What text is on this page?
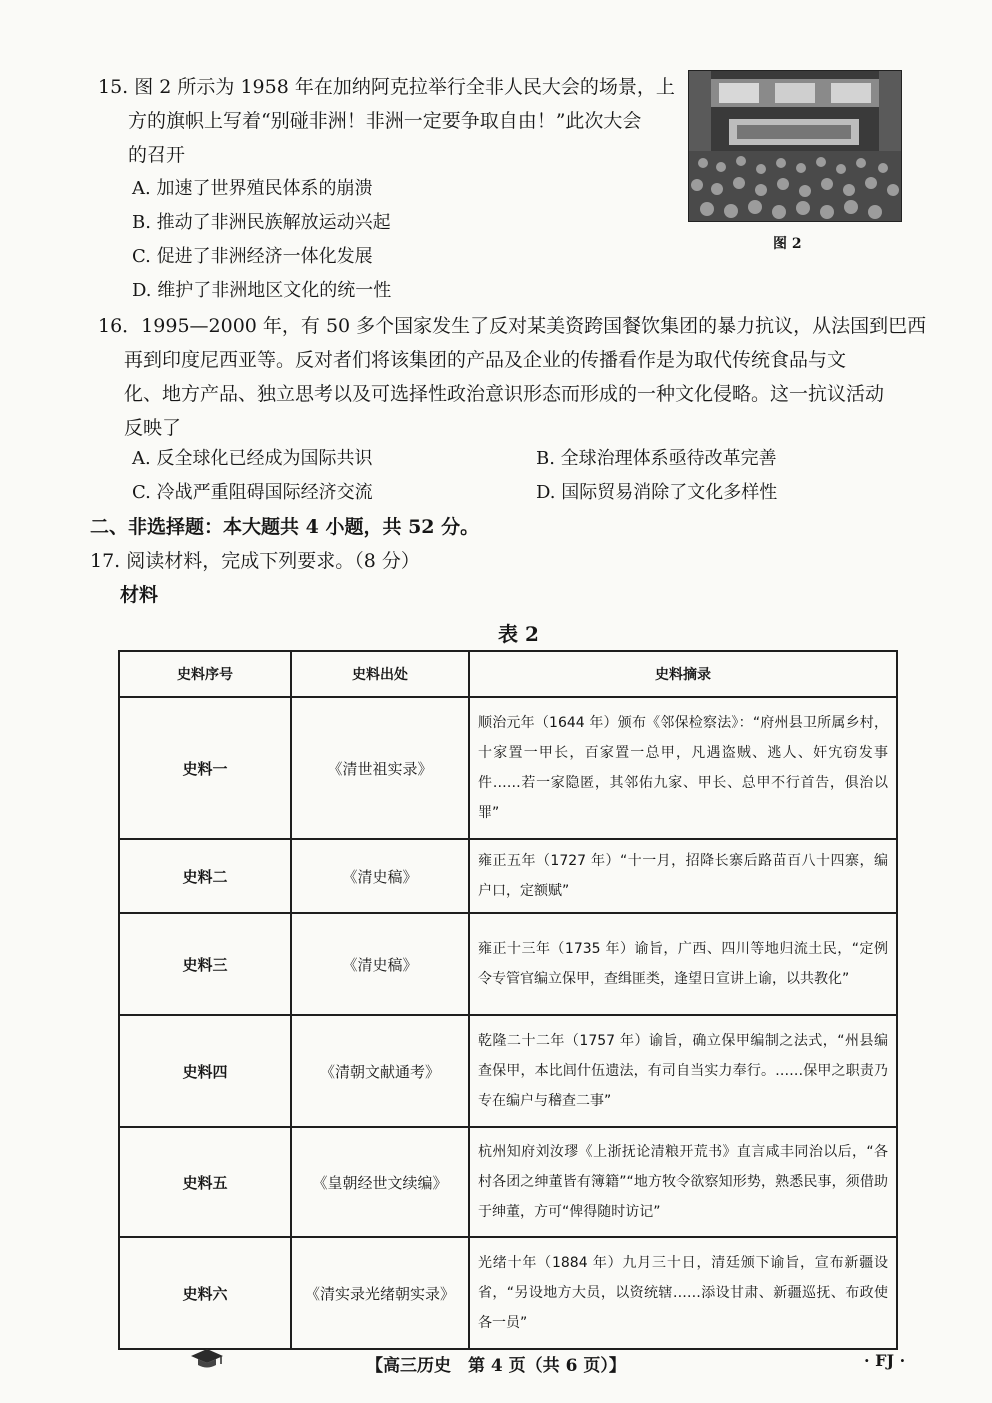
15. 图 2 所示为 1958 年在加纳阿克拉举行全非人民大会的场景，上
方的旗帜上写着“别碰非洲！非洲一定要争取自由！”此次大会
的召开
A. 加速了世界殖民体系的崩溃
B. 推动了非洲民族解放运动兴起
C. 促进了非洲经济一体化发展
D. 维护了非洲地区文化的统一性
图 2
16．1995—2000 年，有 50 多个国家发生了反对某美资跨国餐饮集团的暴力抗议，从法国到巴西
再到印度尼西亚等。反对者们将该集团的产品及企业的传播看作是为取代传统食品与文
化、地方产品、独立思考以及可选择性政治意识形态而形成的一种文化侵略。这一抗议活动
反映了
A. 反全球化已经成为国际共识	B. 全球治理体系亟待改革完善
C. 冷战严重阻碍国际经济交流	D. 国际贸易消除了文化多样性
二、非选择题：本大题共 4 小题，共 52 分。
17. 阅读材料，完成下列要求。（8 分）
材料
表 2
史料序号	史料出处	史料摘录
史料一	《清世祖实录》	顺治元年（1644 年）颁布《邻保检察法》：“府州县卫所属乡村，十家置一甲长，百家置一总甲，凡遇盗贼、逃人、奸宄窃发事件……若一家隐匿，其邻佑九家、甲长、总甲不行首告，俱治以罪”
史料二	《清史稿》	雍正五年（1727 年）“十一月，招降长寨后路苗百八十四寨，编户口，定额赋”
史料三	《清史稿》	雍正十三年（1735 年）谕旨，广西、四川等地归流土民，“定例令专管官编立保甲，查缉匪类，逢望日宣讲上谕，以共教化”
史料四	《清朝文献通考》	乾隆二十二年（1757 年）谕旨，确立保甲编制之法式，“州县编查保甲，本比闾什伍遗法，有司自当实力奉行。……保甲之职责乃专在编户与稽查二事”
史料五	《皇朝经世文续编》	杭州知府刘汝璆《上浙抚论清粮开荒书》直言咸丰同治以后，“各村各团之绅董皆有簿籍”“地方牧令欲察知形势，熟悉民事，须借助于绅董，方可“俾得随时访记”
史料六	《清实录光绪朝实录》	光绪十年（1884 年）九月三十日，清廷颁下谕旨，宣布新疆设省，“另设地方大员，以资统辖……添设甘肃、新疆巡抚、布政使各一员”
【高三历史　第 4 页（共 6 页）】	· FJ ·
